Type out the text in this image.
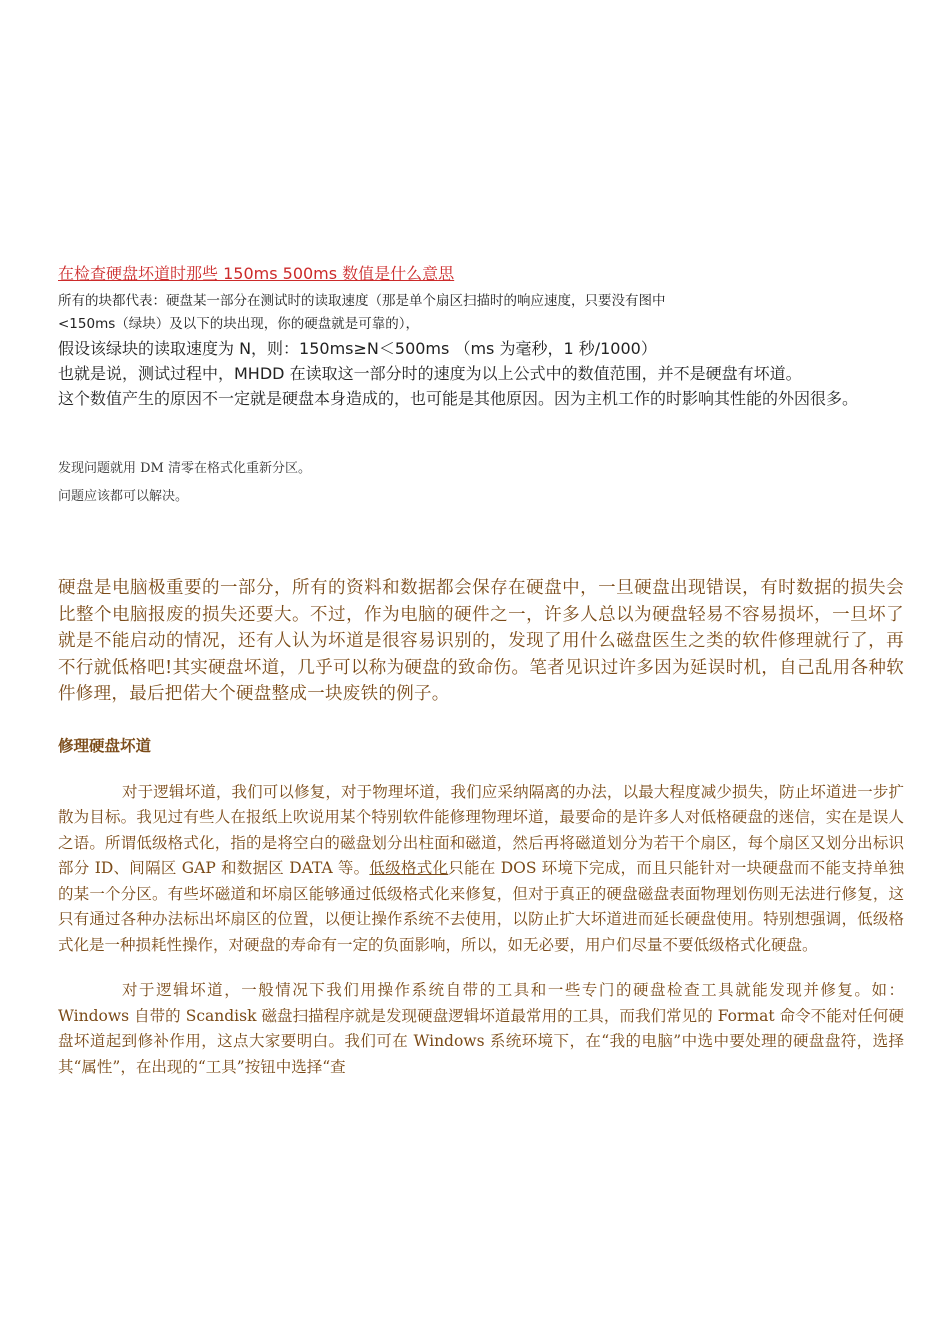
在检查硬盘坏道时那些 150ms 500ms 数值是什么意思

所有的块都代表：硬盘某一部分在测试时的读取速度（那是单个扇区扫描时的响应速度，只要没有图中

<150ms（绿块）及以下的块出现，你的硬盘就是可靠的），

假设该绿块的读取速度为 N，则：150ms≥N＜500ms （ms 为毫秒，1 秒/1000）

也就是说，测试过程中，MHDD 在读取这一部分时的速度为以上公式中的数值范围，并不是硬盘有坏道。

这个数值产生的原因不一定就是硬盘本身造成的，也可能是其他原因。因为主机工作的时影响其性能的外因很多。

发现问题就用 DM 清零在格式化重新分区。

问题应该都可以解决。

硬盘是电脑极重要的一部分，所有的资料和数据都会保存在硬盘中，一旦硬盘出现错误，有时数据的损失会比整个电脑报废的损失还要大。不过，作为电脑的硬件之一，许多人总以为硬盘轻易不容易损坏，一旦坏了就是不能启动的情况，还有人认为坏道是很容易识别的，发现了用什么磁盘医生之类的软件修理就行了，再不行就低格吧!其实硬盘坏道，几乎可以称为硬盘的致命伤。笔者见识过许多因为延误时机，自己乱用各种软件修理，最后把偌大个硬盘整成一块废铁的例子。
修理硬盘坏道
对于逻辑坏道，我们可以修复，对于物理坏道，我们应采纳隔离的办法，以最大程度减少损失，防止坏道进一步扩散为目标。我见过有些人在报纸上吹说用某个特别软件能修理物理坏道，最要命的是许多人对低格硬盘的迷信，实在是误人之语。所谓低级格式化，指的是将空白的磁盘划分出柱面和磁道，然后再将磁道划分为若干个扇区，每个扇区又划分出标识部分 ID、间隔区 GAP 和数据区 DATA 等。低级格式化只能在 DOS 环境下完成，而且只能针对一块硬盘而不能支持单独的某一个分区。有些坏磁道和坏扇区能够通过低级格式化来修复，但对于真正的硬盘磁盘表面物理划伤则无法进行修复，这只有通过各种办法标出坏扇区的位置，以便让操作系统不去使用，以防止扩大坏道进而延长硬盘使用。特别想强调，低级格式化是一种损耗性操作，对硬盘的寿命有一定的负面影响，所以，如无必要，用户们尽量不要低级格式化硬盘。
对于逻辑坏道，一般情况下我们用操作系统自带的工具和一些专门的硬盘检查工具就能发现并修复。如：Windows 自带的 Scandisk 磁盘扫描程序就是发现硬盘逻辑坏道最常用的工具，而我们常见的 Format 命令不能对任何硬盘坏道起到修补作用，这点大家要明白。我们可在 Windows 系统环境下，在“我的电脑”中选中要处理的硬盘盘符，选择其“属性”，在出现的“工具”按钮中选择“查
